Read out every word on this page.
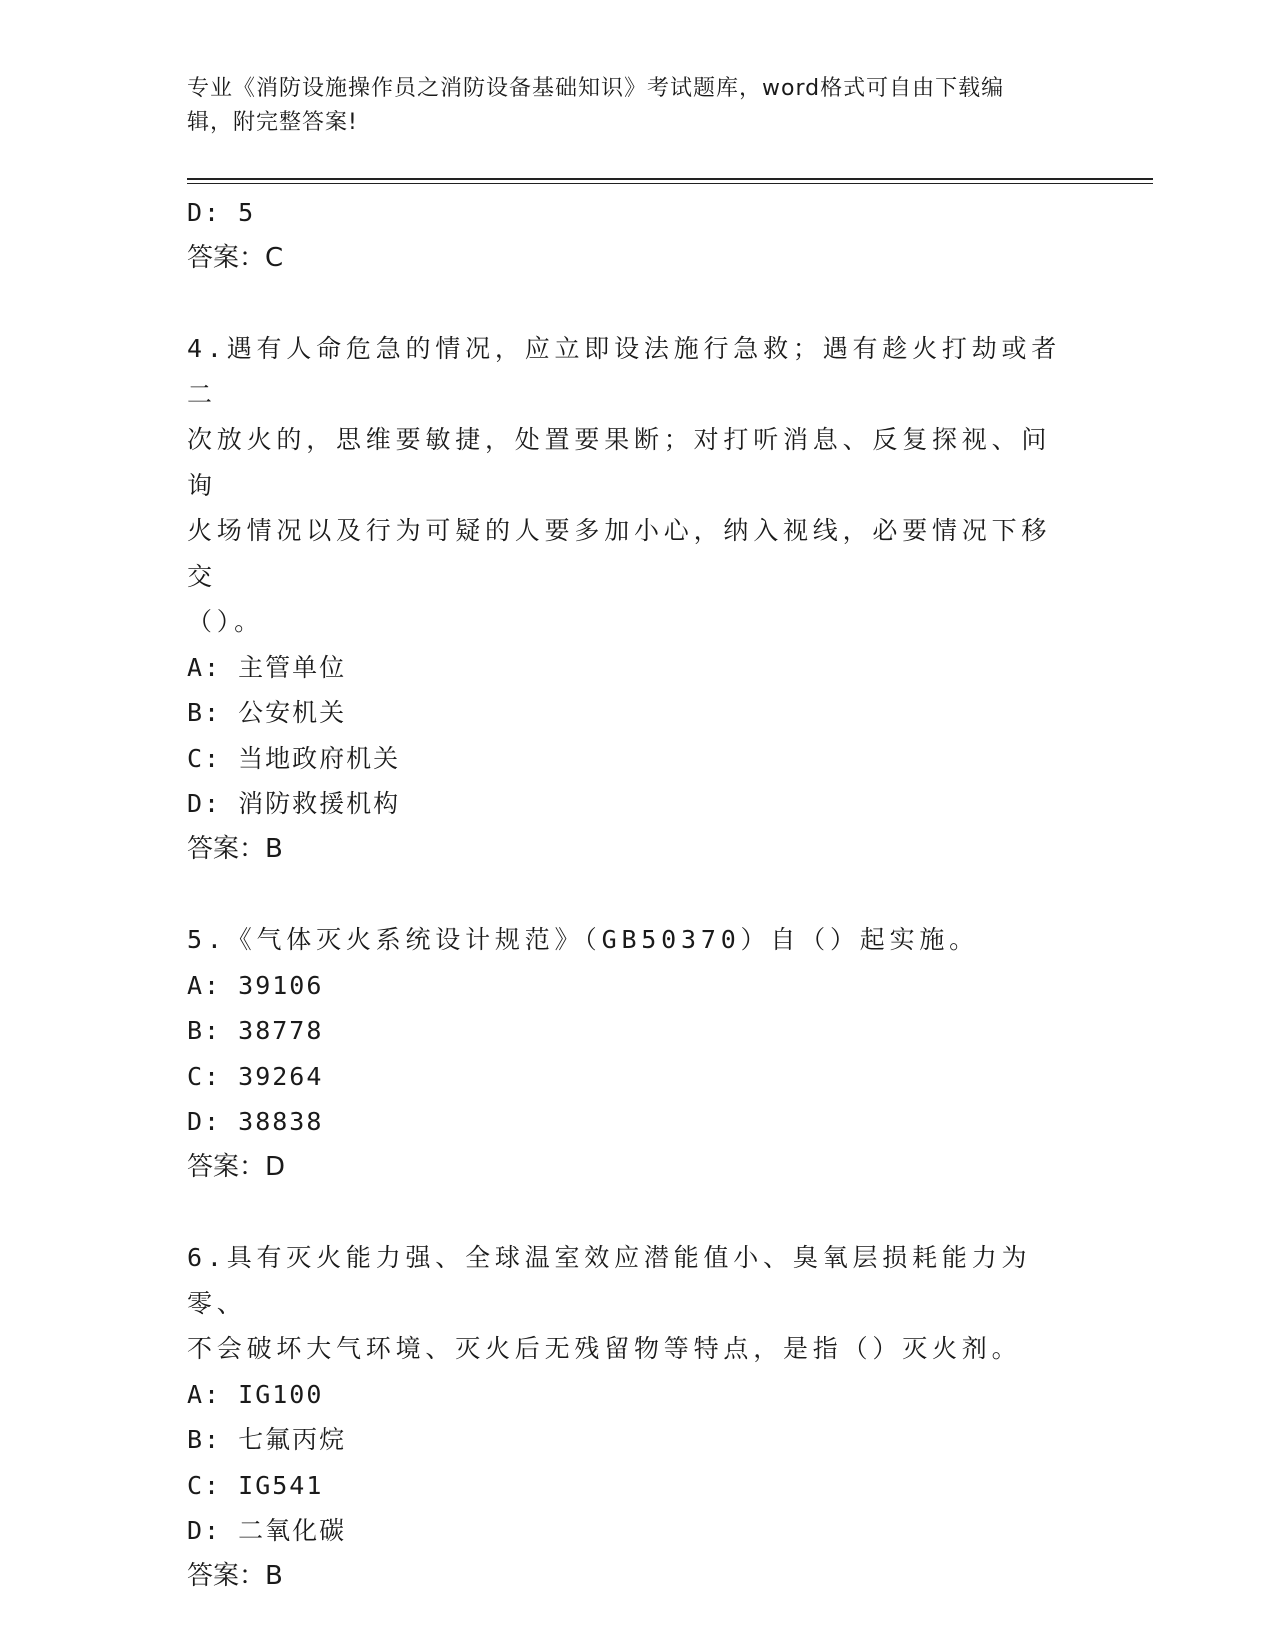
专业《消防设施操作员之消防设备基础知识》考试题库，word格式可自由下载编
辑，附完整答案!
D: 5
答案：C
4.遇有人命危急的情况，应立即设法施行急救；遇有趁火打劫或者二
次放火的，思维要敏捷，处置要果断；对打听消息、反复探视、问询
火场情况以及行为可疑的人要多加小心，纳入视线，必要情况下移交
（）。
A: 主管单位
B: 公安机关
C: 当地政府机关
D: 消防救援机构
答案：B
5.《气体灭火系统设计规范》（GB50370）自（）起实施。
A: 39106
B: 38778
C: 39264
D: 38838
答案：D
6.具有灭火能力强、全球温室效应潜能值小、臭氧层损耗能力为零、
不会破坏大气环境、灭火后无残留物等特点，是指（）灭火剂。
A: IG100
B: 七氟丙烷
C: IG541
D: 二氧化碳
答案：B
